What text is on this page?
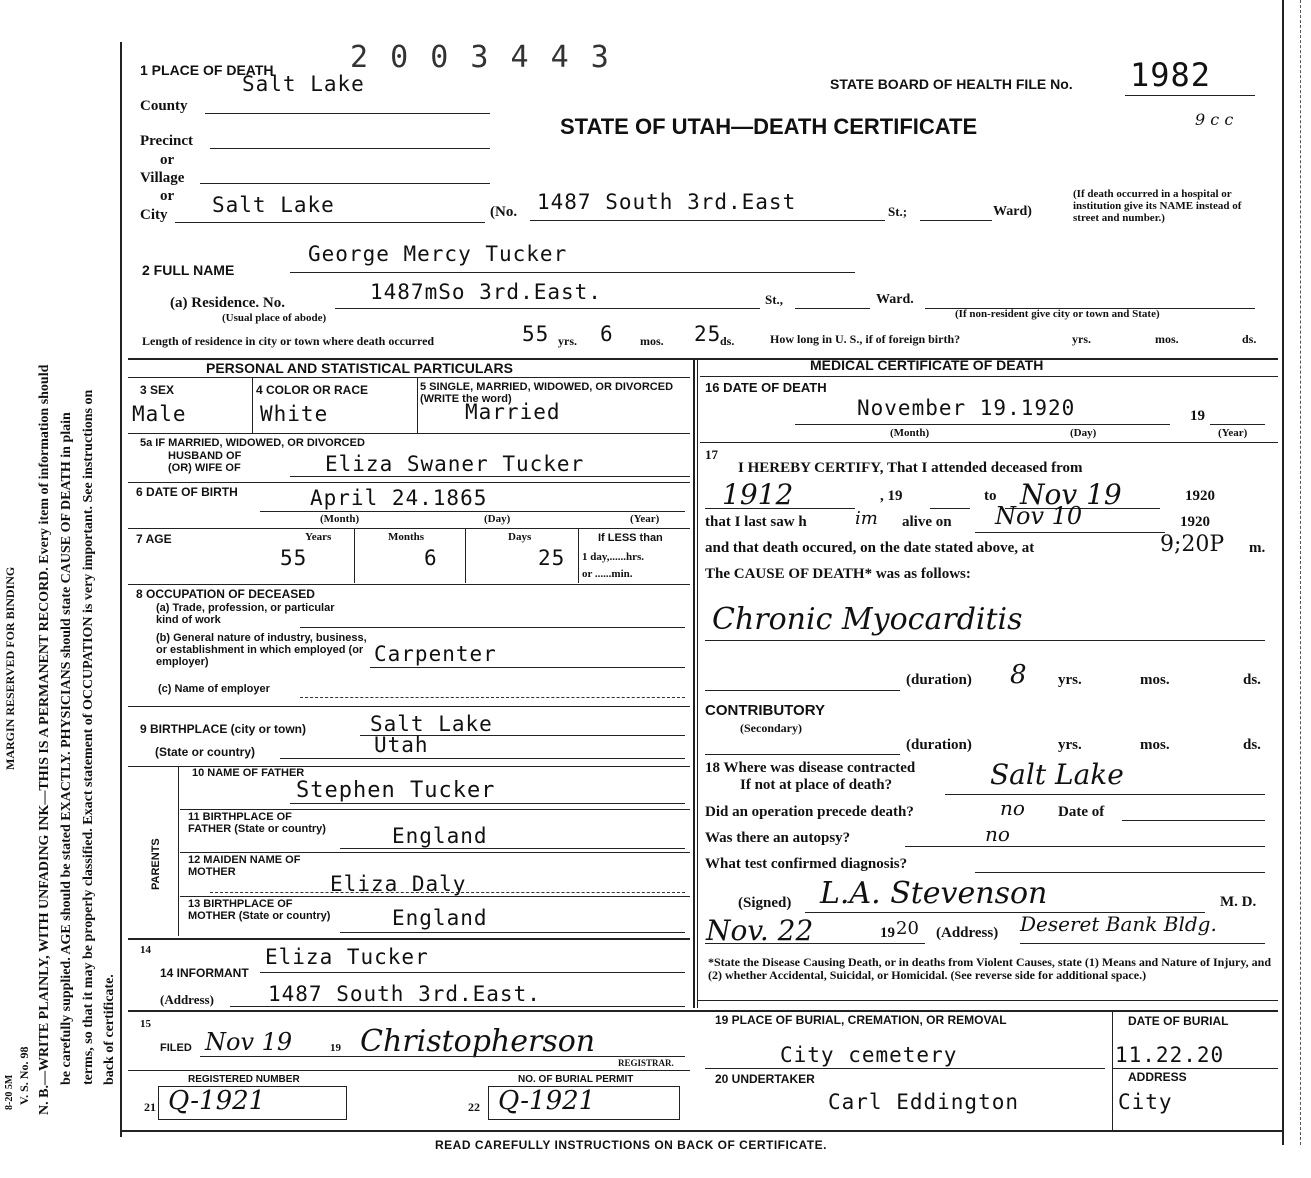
MARGIN RESERVED FOR BINDING N. B.—WRITE PLAINLY, WITH UNFADING INK—THIS IS A PERMANENT RECORD. Every item of information should be carefully supplied. AGE should be stated EXACTLY. PHYSICIANS should state CAUSE OF DEATH in plain terms, so that it may be properly classified. Exact statement of OCCUPATION is very important. See instructions on back of certificate.
V. S. No. 98
8-20 5M
1 PLACE OF DEATH	2 0 0 3 4 4 3
Salt Lake
County
STATE BOARD OF HEALTH FILE No. 1982
STATE OF UTAH—DEATH CERTIFICATE	9 c c
Precinct
or
Village
or
City Salt Lake	(No. 1487 South 3rd.East	St.;	Ward)
(If death occurred in a hospital or institution give its NAME instead of street and number.)
2 FULL NAME
George Mercy Tucker
(a) Residence. No.
(Usual place of abode)
1487mSo 3rd.East.	St.,	Ward.
(If non-resident give city or town and State)
Length of residence in city or town where death occurred	55 yrs. 6 mos. 25
ds.	How long in U. S., if of foreign birth?	yrs.	mos.	ds.
PERSONAL AND STATISTICAL PARTICULARS	MEDICAL CERTIFICATE OF DEATH
3 SEX
Male
4 COLOR OR RACE
White
5 SINGLE, MARRIED, WIDOWED, OR DIVORCED (WRITE the word)
Married
5a IF MARRIED, WIDOWED, OR DIVORCED
HUSBAND OF
(OR) WIFE OF	Eliza Swaner Tucker
6 DATE OF BIRTH	April 24.1865
(Month)	(Day)	(Year)
7 AGE	Years
55
Months
6
Days
25
If LESS than
1 day,......hrs.
or ......min.
8 OCCUPATION OF DECEASED
(a) Trade, profession, or particular kind of work
(b) General nature of industry, business, or establishment in which employed (or employer)	Carpenter
(c) Name of employer
9 BIRTHPLACE (city or town)	Salt Lake
(State or country)	Utah
PARENTS
10 NAME OF FATHER
Stephen Tucker
11 BIRTHPLACE OF FATHER (State or country)	England
12 MAIDEN NAME OF MOTHER	Eliza Daly
13 BIRTHPLACE OF MOTHER (State or country)	England
14
14 INFORMANT
Eliza Tucker
(Address)	1487 South 3rd.East.
15
FILED Nov 19	19 Christopherson
REGISTRAR.
REGISTERED NUMBER
21 Q-1921
NO. OF BURIAL PERMIT
22 Q-1921
16 DATE OF DEATH
November 19.1920	19
(Month)	(Day)	(Year)
17
I HEREBY CERTIFY, That I attended deceased from
1912	, 19	to Nov 19	1920
that I last saw h	im alive on Nov 10	1920
and that death occured, on the date stated above, at	9;20P m.
The CAUSE OF DEATH* was as follows:
Chronic Myocarditis
(duration) 8 yrs.	mos.	ds.
CONTRIBUTORY
(Secondary)
(duration)	yrs.	mos.	ds.
18 Where was disease contracted
If not at place of death?	Salt Lake
Did an operation precede death?	no Date of
Was there an autopsy?	no
What test confirmed diagnosis?
(Signed) L.A. Stevenson	M. D.
Nov. 22	19 20 (Address) Deseret Bank Bldg.
*State the Disease Causing Death, or in deaths from Violent Causes, state (1) Means and Nature of Injury, and (2) whether Accidental, Suicidal, or Homicidal. (See reverse side for additional space.)
19 PLACE OF BURIAL, CREMATION, OR REMOVAL
City cemetery
DATE OF BURIAL
11.22.20
20 UNDERTAKER
Carl Eddington
ADDRESS
City
READ CAREFULLY INSTRUCTIONS ON BACK OF CERTIFICATE.
